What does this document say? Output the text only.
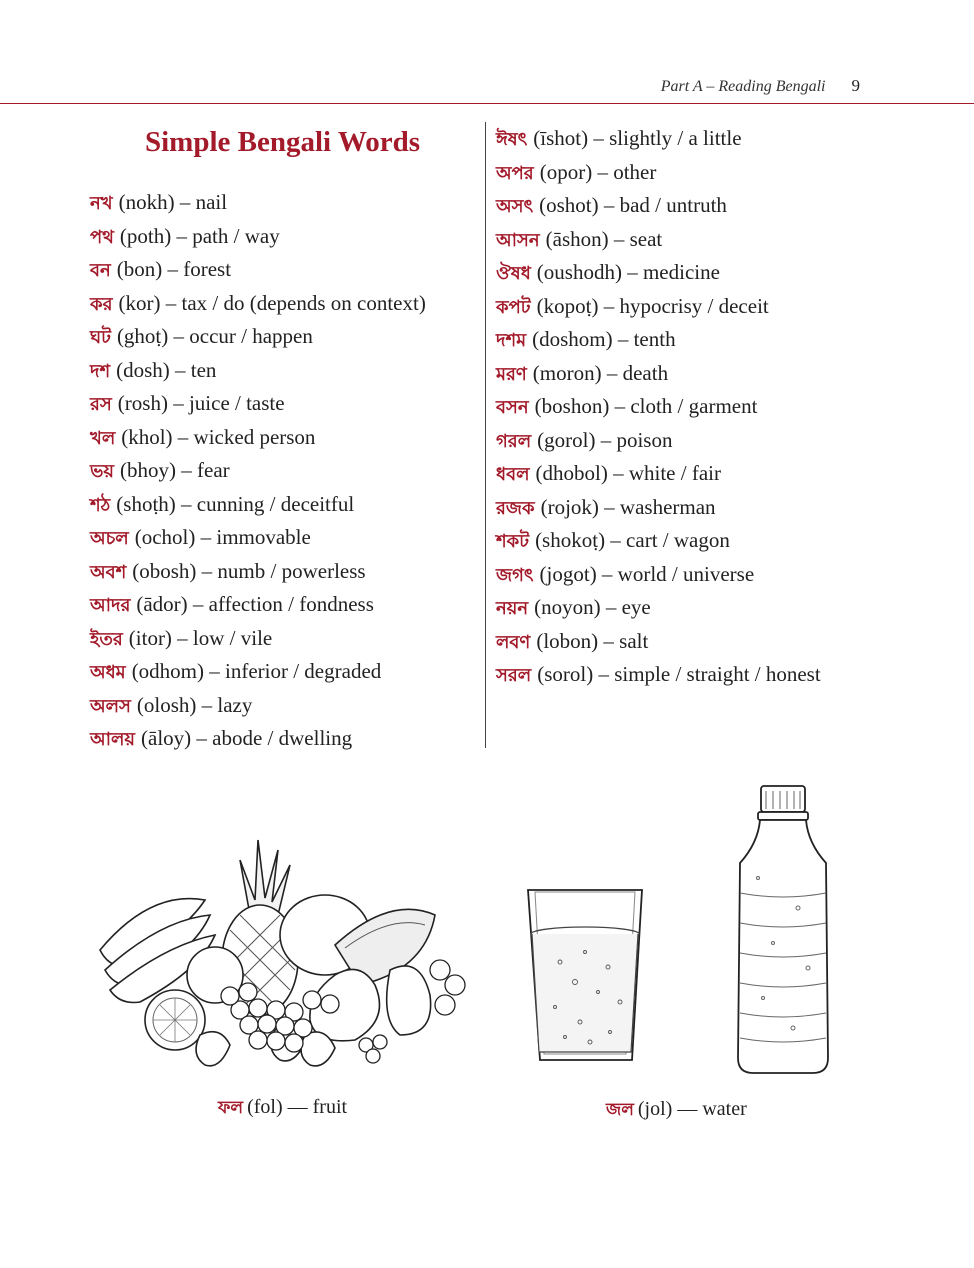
Part A – Reading Bengali 9
Simple Bengali Words
নখ (nokh) – nail
পথ (poth) – path / way
বন (bon) – forest
কর (kor) – tax / do (depends on context)
ঘট (ghoṭ) – occur / happen
দশ (dosh) – ten
রস (rosh) – juice / taste
খল (khol) – wicked person
ভয় (bhoy) – fear
শঠ (shoṭh) – cunning / deceitful
অচল (ochol) – immovable
অবশ (obosh) – numb / powerless
আদর (ādor) – affection / fondness
ইতর (itor) – low / vile
অধম (odhom) – inferior / degraded
অলস (olosh) – lazy
আলয় (āloy) – abode / dwelling
ঈষৎ (īshot) – slightly / a little
অপর (opor) – other
অসৎ (oshot) – bad / untruth
আসন (āshon) – seat
ঔষধ (oushodh) – medicine
কপট (kopoṭ) – hypocrisy / deceit
দশম (doshom) – tenth
মরণ (moron) – death
বসন (boshon) – cloth / garment
গরল (gorol) – poison
ধবল (dhobol) – white / fair
রজক (rojok) – washerman
শকট (shokoṭ) – cart / wagon
জগৎ (jogot) – world / universe
নয়ন (noyon) – eye
লবণ (lobon) – salt
সরল (sorol) – simple / straight / honest
ফল (fol) — fruit	জল (jol) — water
